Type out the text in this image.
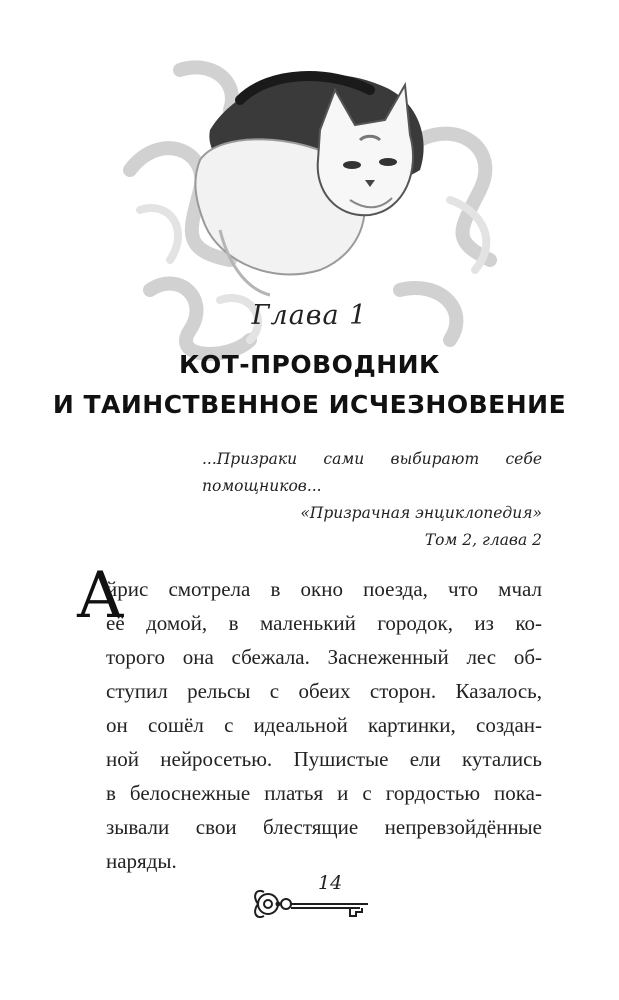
Глава 1
КОТ-ПРОВОДНИК
И ТАИНСТВЕННОЕ ИСЧЕЗНОВЕНИЕ
...Призраки сами выбирают себе помощников...
«Призрачная энциклопедия»
Том 2, глава 2
А
йрис смотрела в окно поезда, что мчал
её домой, в маленький городок, из ко-
торого она сбежала. Заснеженный лес об-
ступил рельсы с обеих сторон. Казалось,
он сошёл с идеальной картинки, создан-
ной нейросетью. Пушистые ели кутались
в белоснежные платья и с гордостью пока-
зывали свои блестящие непревзойдённые
наряды.
14
